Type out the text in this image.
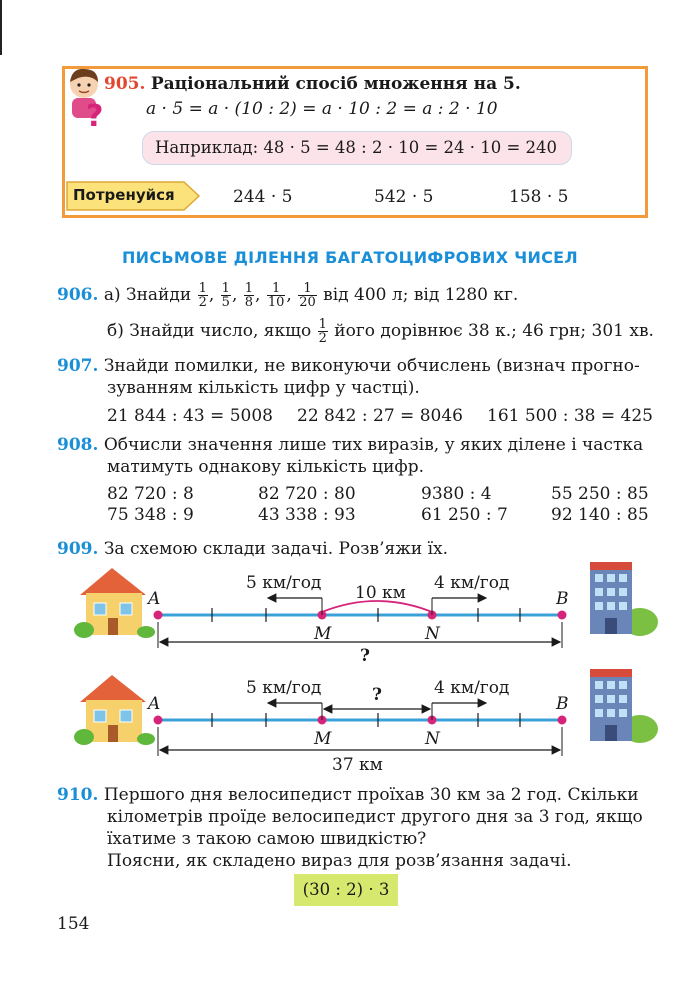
?
905. Раціональний спосіб множення на 5.
a · 5 = a · (10 : 2) = a · 10 : 2 = a : 2 · 10
Наприклад: 48 · 5 = 48 : 2 · 10 = 24 · 10 = 240
Потренуйся	244 · 5	542 · 5	158 · 5
ПИСЬМОВЕ ДІЛЕННЯ БАГАТОЦИФРОВИХ ЧИСЕЛ
906. а) Знайди $\frac{1}{2}$ , $\frac{1}{5}$ , $\frac{1}{8}$ , $\frac{1}{10}$ , $\frac{1}{20}$ від 400 л; від 1280 кг.
б) Знайди число, якщо $\frac{1}{2}$ його дорівнює 38 к.; 46 грн; 301 хв.
907. Знайди помилки, не виконуючи обчислень (визнач прогно-
зуванням кількість цифр у частці).
21 844 : 43 = 5008 22 842 : 27 = 8046 161 500 : 38 = 425
908. Обчисли значення лише тих виразів, у яких ділене і частка
матимуть однакову кількість цифр.
82 720 : 8	82 720 : 80	9380 : 4	55 250 : 85
75 348 : 9	43 338 : 93	61 250 : 7	92 140 : 85
909. За схемою склади задачі. Розв’яжи їх.
5 км/год 10 км 4 км/год
A	B
M	N
?
5 км/год	?	4 км/год
A	B
M	N
37 км
910. Першого дня велосипедист проїхав 30 км за 2 год. Скільки
кілометрів проїде велосипедист другого дня за 3 год, якщо
їхатиме з такою самою швидкістю?
Поясни, як складено вираз для розв’язання задачі.
(30 : 2) · 3
154
